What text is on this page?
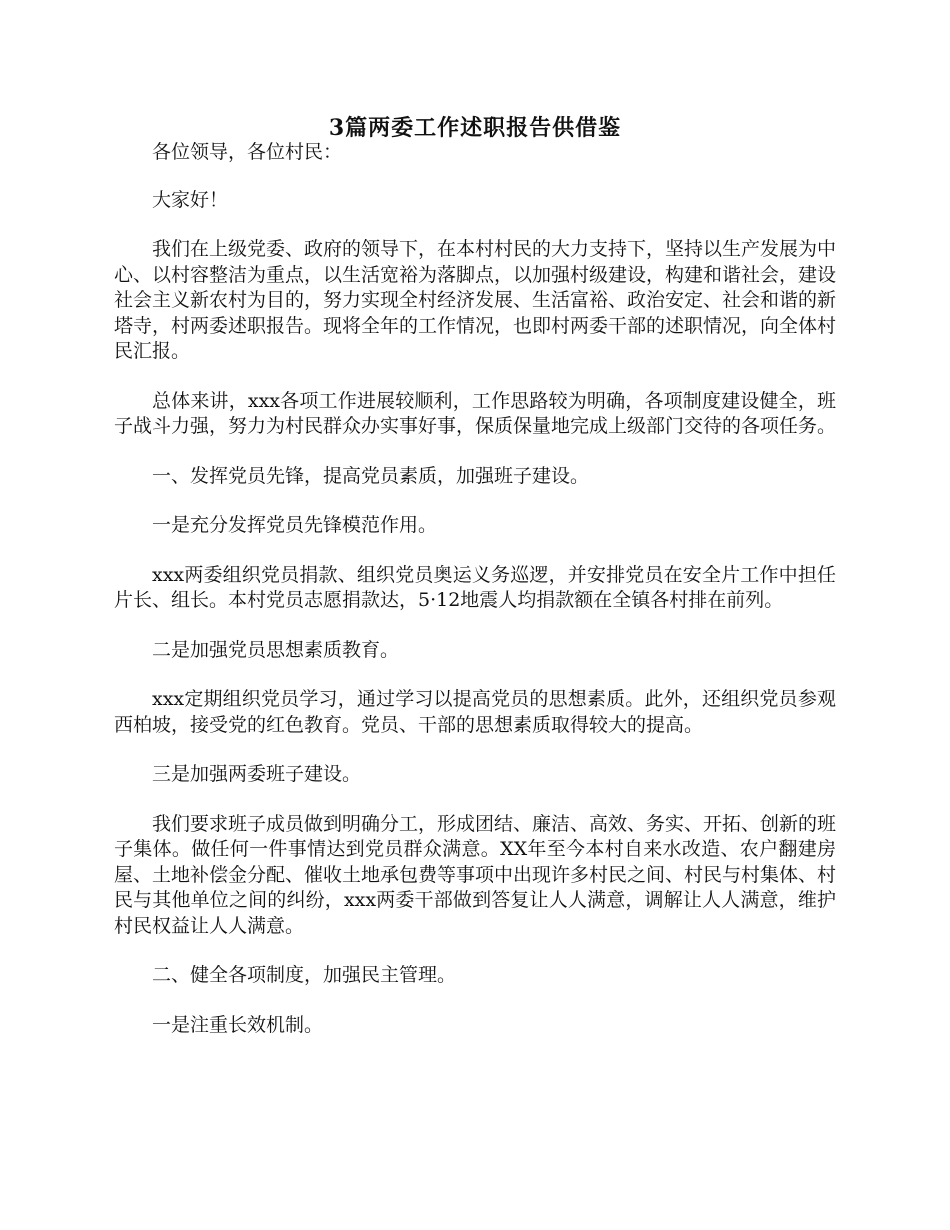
3篇两委工作述职报告供借鉴

各位领导，各位村民：

大家好！

我们在上级党委、政府的领导下，在本村村民的大力支持下，坚持以生产发展为中心、以村容整洁为重点，以生活宽裕为落脚点，以加强村级建设，构建和谐社会，建设社会主义新农村为目的，努力实现全村经济发展、生活富裕、政治安定、社会和谐的新塔寺，村两委述职报告。现将全年的工作情况，也即村两委干部的述职情况，向全体村民汇报。

总体来讲，xxx各项工作进展较顺利，工作思路较为明确，各项制度建设健全，班子战斗力强，努力为村民群众办实事好事，保质保量地完成上级部门交待的各项任务。

一、发挥党员先锋，提高党员素质，加强班子建设。

一是充分发挥党员先锋模范作用。

xxx两委组织党员捐款、组织党员奥运义务巡逻，并安排党员在安全片工作中担任片长、组长。本村党员志愿捐款达，5·12地震人均捐款额在全镇各村排在前列。

二是加强党员思想素质教育。

xxx定期组织党员学习，通过学习以提高党员的思想素质。此外，还组织党员参观西柏坡，接受党的红色教育。党员、干部的思想素质取得较大的提高。

三是加强两委班子建设。

我们要求班子成员做到明确分工，形成团结、廉洁、高效、务实、开拓、创新的班子集体。做任何一件事情达到党员群众满意。XX年至今本村自来水改造、农户翻建房屋、土地补偿金分配、催收土地承包费等事项中出现许多村民之间、村民与村集体、村民与其他单位之间的纠纷，xxx两委干部做到答复让人人满意，调解让人人满意，维护村民权益让人人满意。

二、健全各项制度，加强民主管理。

一是注重长效机制。
